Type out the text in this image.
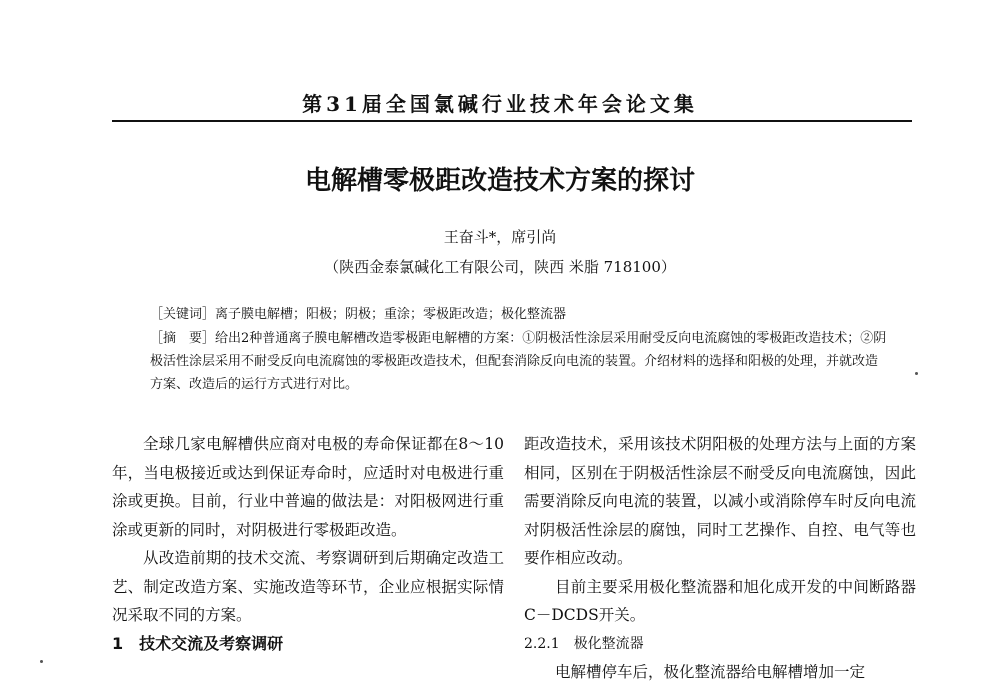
第31届全国氯碱行业技术年会论文集
电解槽零极距改造技术方案的探讨
王奋斗*，席引尚
（陕西金泰氯碱化工有限公司，陕西 米脂 718100）
［关键词］离子膜电解槽；阳极；阴极；重涂；零极距改造；极化整流器
［摘　要］给出2种普通离子膜电解槽改造零极距电解槽的方案：①阴极活性涂层采用耐受反向电流腐蚀的零极距改造技术；②阴极活性涂层采用不耐受反向电流腐蚀的零极距改造技术，但配套消除反向电流的装置。介绍材料的选择和阳极的处理，并就改造方案、改造后的运行方式进行对比。

全球几家电解槽供应商对电极的寿命保证都在8～10年，当电极接近或达到保证寿命时，应适时对电极进行重涂或更换。目前，行业中普遍的做法是：对阳极网进行重涂或更新的同时，对阴极进行零极距改造。

从改造前期的技术交流、考察调研到后期确定改造工艺、制定改造方案、实施改造等环节，企业应根据实际情况采取不同的方案。

1　技术交流及考察调研

距改造技术，采用该技术阴阳极的处理方法与上面的方案相同，区别在于阴极活性涂层不耐受反向电流腐蚀，因此需要消除反向电流的装置，以减小或消除停车时反向电流对阴极活性涂层的腐蚀，同时工艺操作、自控、电气等也要作相应改动。

目前主要采用极化整流器和旭化成开发的中间断路器C－DCDS开关。

2.2.1　极化整流器

电解槽停车后，极化整流器给电解槽增加一定
